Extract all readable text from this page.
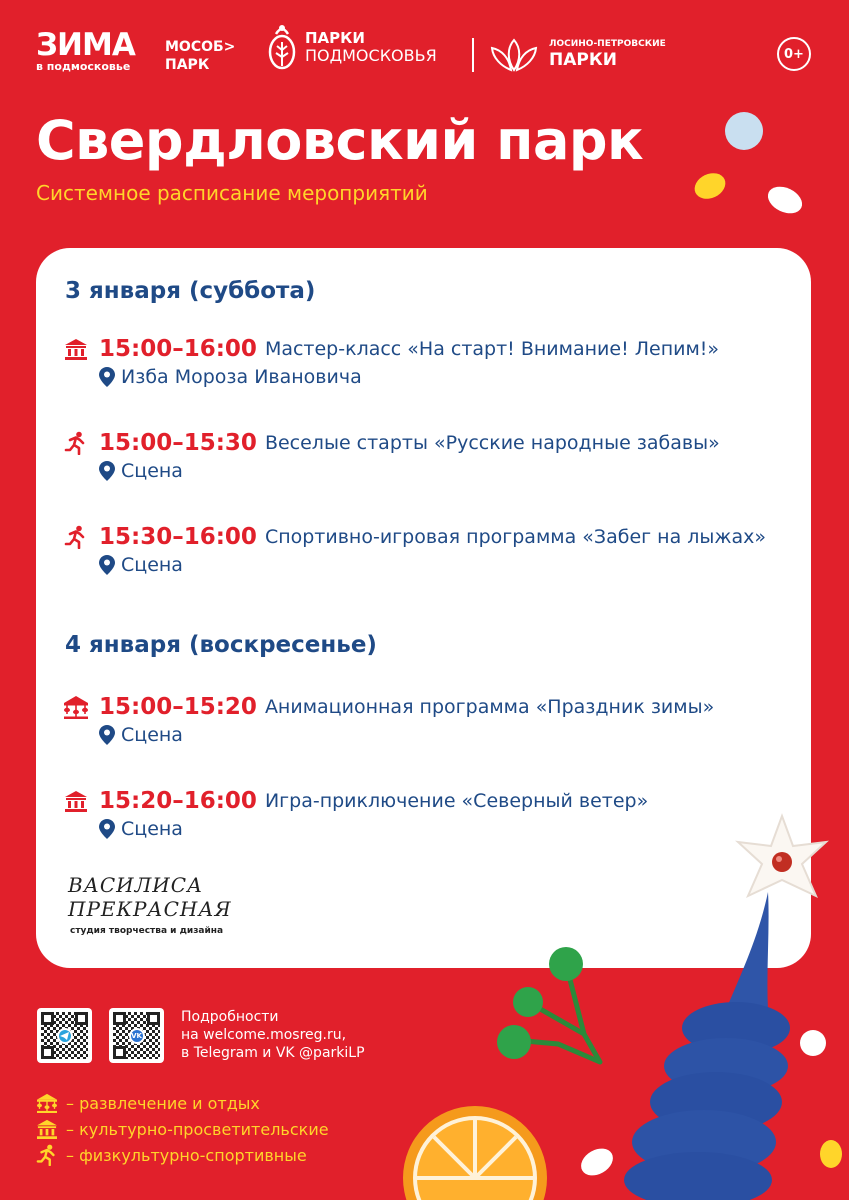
ЗИМА
в подмосковье
МОСОБ>
ПАРК
ПАРКИ
ПОДМОСКОВЬЯ
ЛОСИНО-ПЕТРОВСКИЕ
ПАРКИ	0+
Свердловский парк
Системное расписание мероприятий
3 января (суббота)
15:00–16:00 Мастер-класс «На старт! Внимание! Лепим!»
Изба Мороза Ивановича
15:00–15:30 Веселые старты «Русские народные забавы»
Сцена
15:30–16:00 Спортивно-игровая программа «Забег на лыжах»
Сцена
4 января (воскресенье)
15:00–15:20 Анимационная программа «Праздник зимы»
Сцена
15:20–16:00 Игра-приключение «Северный ветер»
Сцена
ВАСИЛИСА
ПРЕКРАСНАЯ
студия творчества и дизайна
VK
Подробности
на welcome.mosreg.ru,
в Telegram и VK @parkiLP
– развлечение и отдых
– культурно-просветительские
– физкультурно-спортивные
